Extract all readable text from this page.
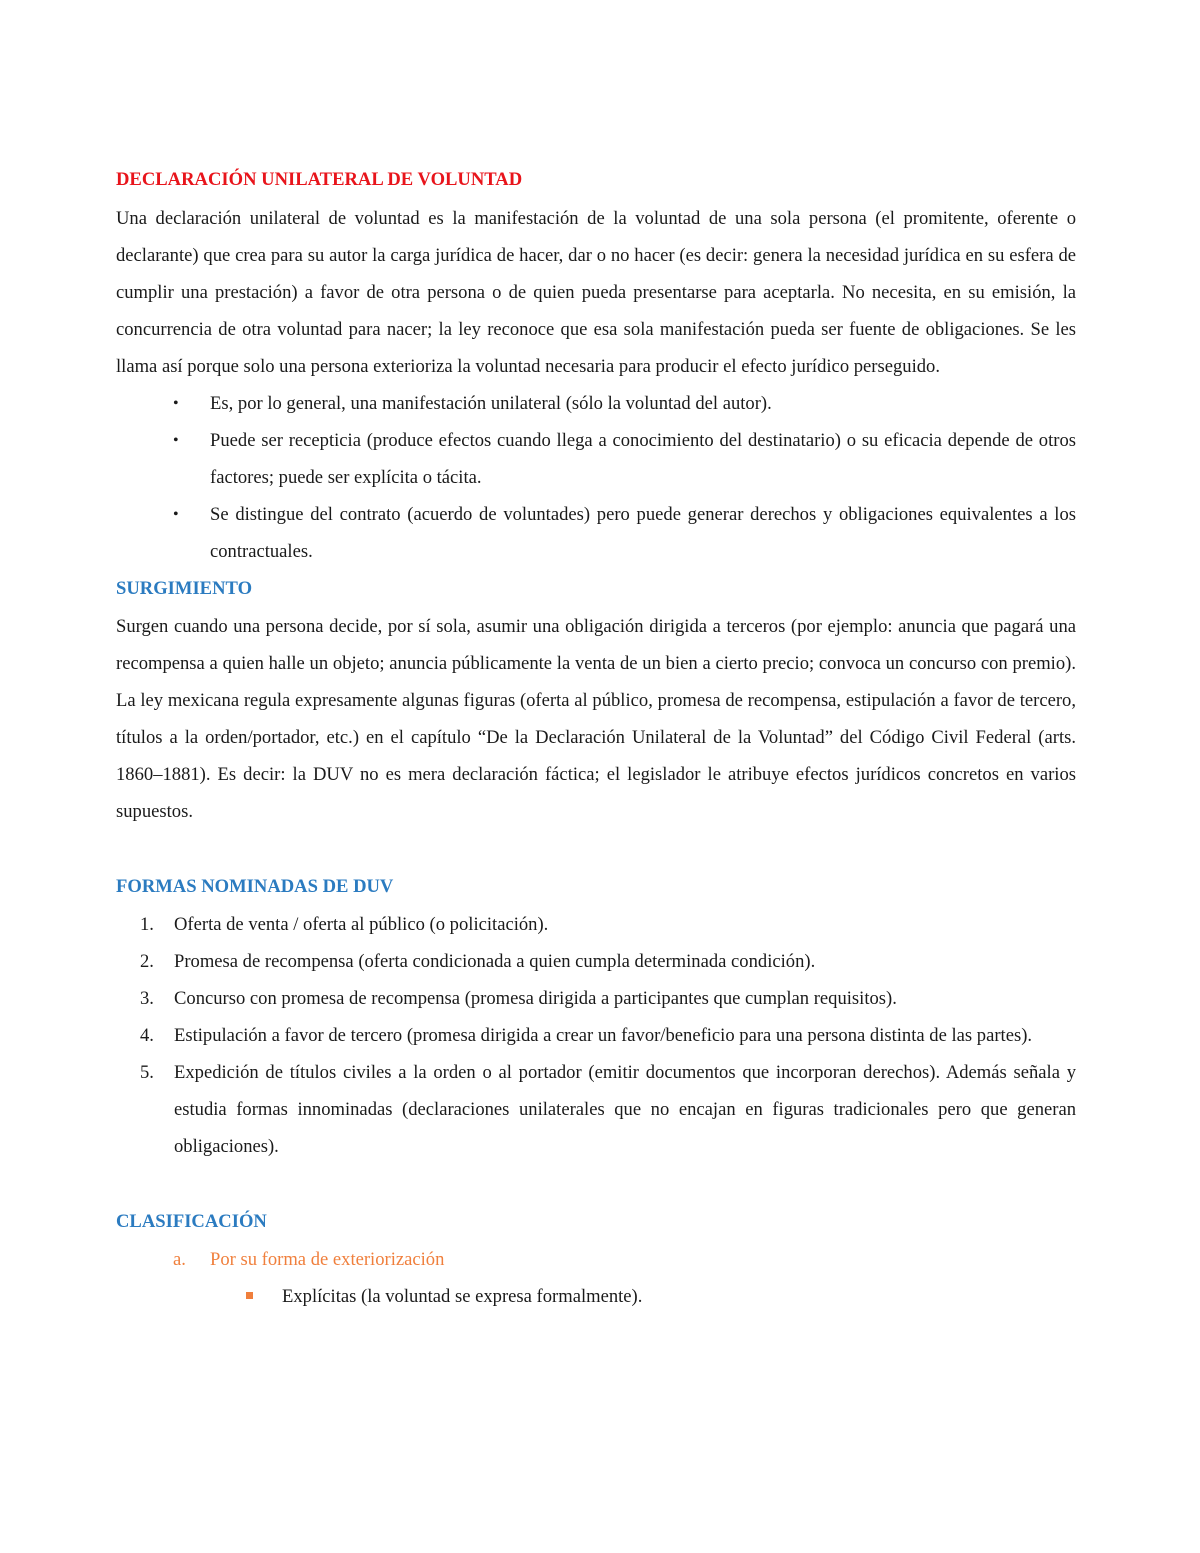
DECLARACIÓN UNILATERAL DE VOLUNTAD

Una declaración unilateral de voluntad es la manifestación de la voluntad de una sola persona (el promitente, oferente o declarante) que crea para su autor la carga jurídica de hacer, dar o no hacer (es decir: genera la necesidad jurídica en su esfera de cumplir una prestación) a favor de otra persona o de quien pueda presentarse para aceptarla. No necesita, en su emisión, la concurrencia de otra voluntad para nacer; la ley reconoce que esa sola manifestación pueda ser fuente de obligaciones. Se les llama así porque solo una persona exterioriza la voluntad necesaria para producir el efecto jurídico perseguido.

• Es, por lo general, una manifestación unilateral (sólo la voluntad del autor).
• Puede ser recepticia (produce efectos cuando llega a conocimiento del destinatario) o su eficacia depende de otros factores; puede ser explícita o tácita.
• Se distingue del contrato (acuerdo de voluntades) pero puede generar derechos y obligaciones equivalentes a los contractuales.
SURGIMIENTO

Surgen cuando una persona decide, por sí sola, asumir una obligación dirigida a terceros (por ejemplo: anuncia que pagará una recompensa a quien halle un objeto; anuncia públicamente la venta de un bien a cierto precio; convoca un concurso con premio). La ley mexicana regula expresamente algunas figuras (oferta al público, promesa de recompensa, estipulación a favor de tercero, títulos a la orden/portador, etc.) en el capítulo “De la Declaración Unilateral de la Voluntad” del Código Civil Federal (arts. 1860–1881). Es decir: la DUV no es mera declaración fáctica; el legislador le atribuye efectos jurídicos concretos en varios supuestos.

FORMAS NOMINADAS DE DUV
1. Oferta de venta / oferta al público (o policitación).
2. Promesa de recompensa (oferta condicionada a quien cumpla determinada condición).
3. Concurso con promesa de recompensa (promesa dirigida a participantes que cumplan requisitos).
4. Estipulación a favor de tercero (promesa dirigida a crear un favor/beneficio para una persona distinta de las partes).
5. Expedición de títulos civiles a la orden o al portador (emitir documentos que incorporan derechos). Además señala y estudia formas innominadas (declaraciones unilaterales que no encajan en figuras tradicionales pero que generan obligaciones).
CLASIFICACIÓN
a. Por su forma de exteriorización
Explícitas (la voluntad se expresa formalmente).
